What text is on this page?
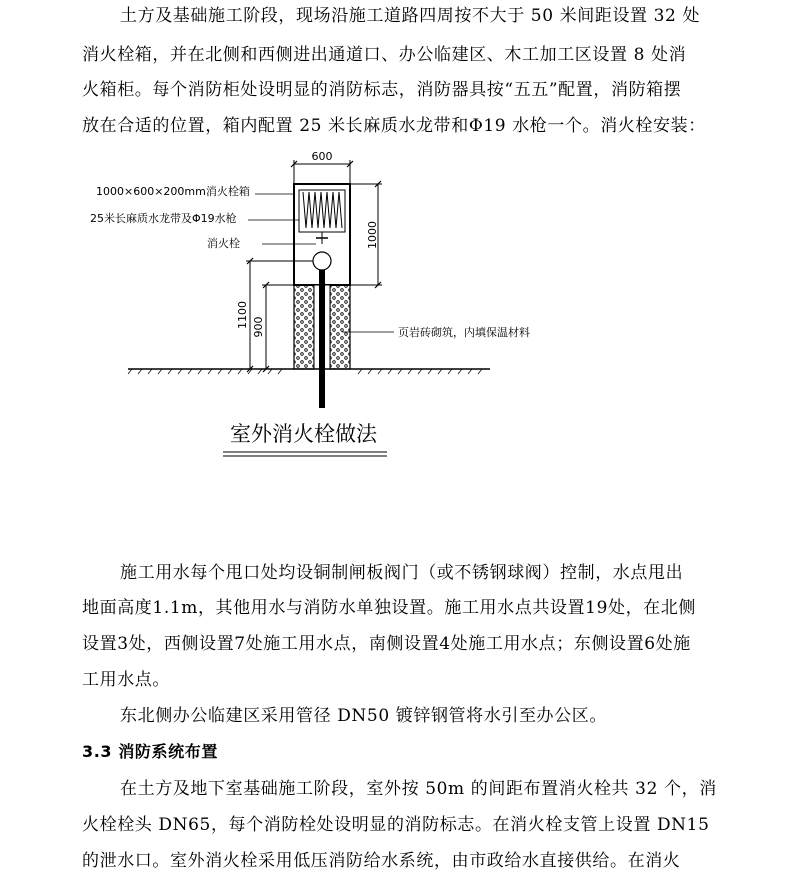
土方及基础施工阶段，现场沿施工道路四周按不大于 50 米间距设置 32 处
消火栓箱，并在北侧和西侧进出通道口、办公临建区、木工加工区设置 8 处消
火箱柜。每个消防柜处设明显的消防标志，消防器具按“五五”配置，消防箱摆
放在合适的位置，箱内配置 25 米长麻质水龙带和Φ19 水枪一个。消火栓安装：
600
1000
1100 900
1000×600×200mm消火栓箱
25米长麻质水龙带及Φ19水枪
消火栓
页岩砖砌筑，内填保温材料
室外消火栓做法
施工用水每个甩口处均设铜制闸板阀门（或不锈钢球阀）控制，水点甩出
地面高度1.1m，其他用水与消防水单独设置。施工用水点共设置19处，在北侧
设置3处，西侧设置7处施工用水点，南侧设置4处施工用水点；东侧设置6处施
工用水点。
东北侧办公临建区采用管径 DN50 镀锌钢管将水引至办公区。
3.3 消防系统布置
在土方及地下室基础施工阶段，室外按 50m 的间距布置消火栓共 32 个，消
火栓栓头 DN65，每个消防栓处设明显的消防标志。在消火栓支管上设置 DN15
的泄水口。室外消火栓采用低压消防给水系统，由市政给水直接供给。在消火
